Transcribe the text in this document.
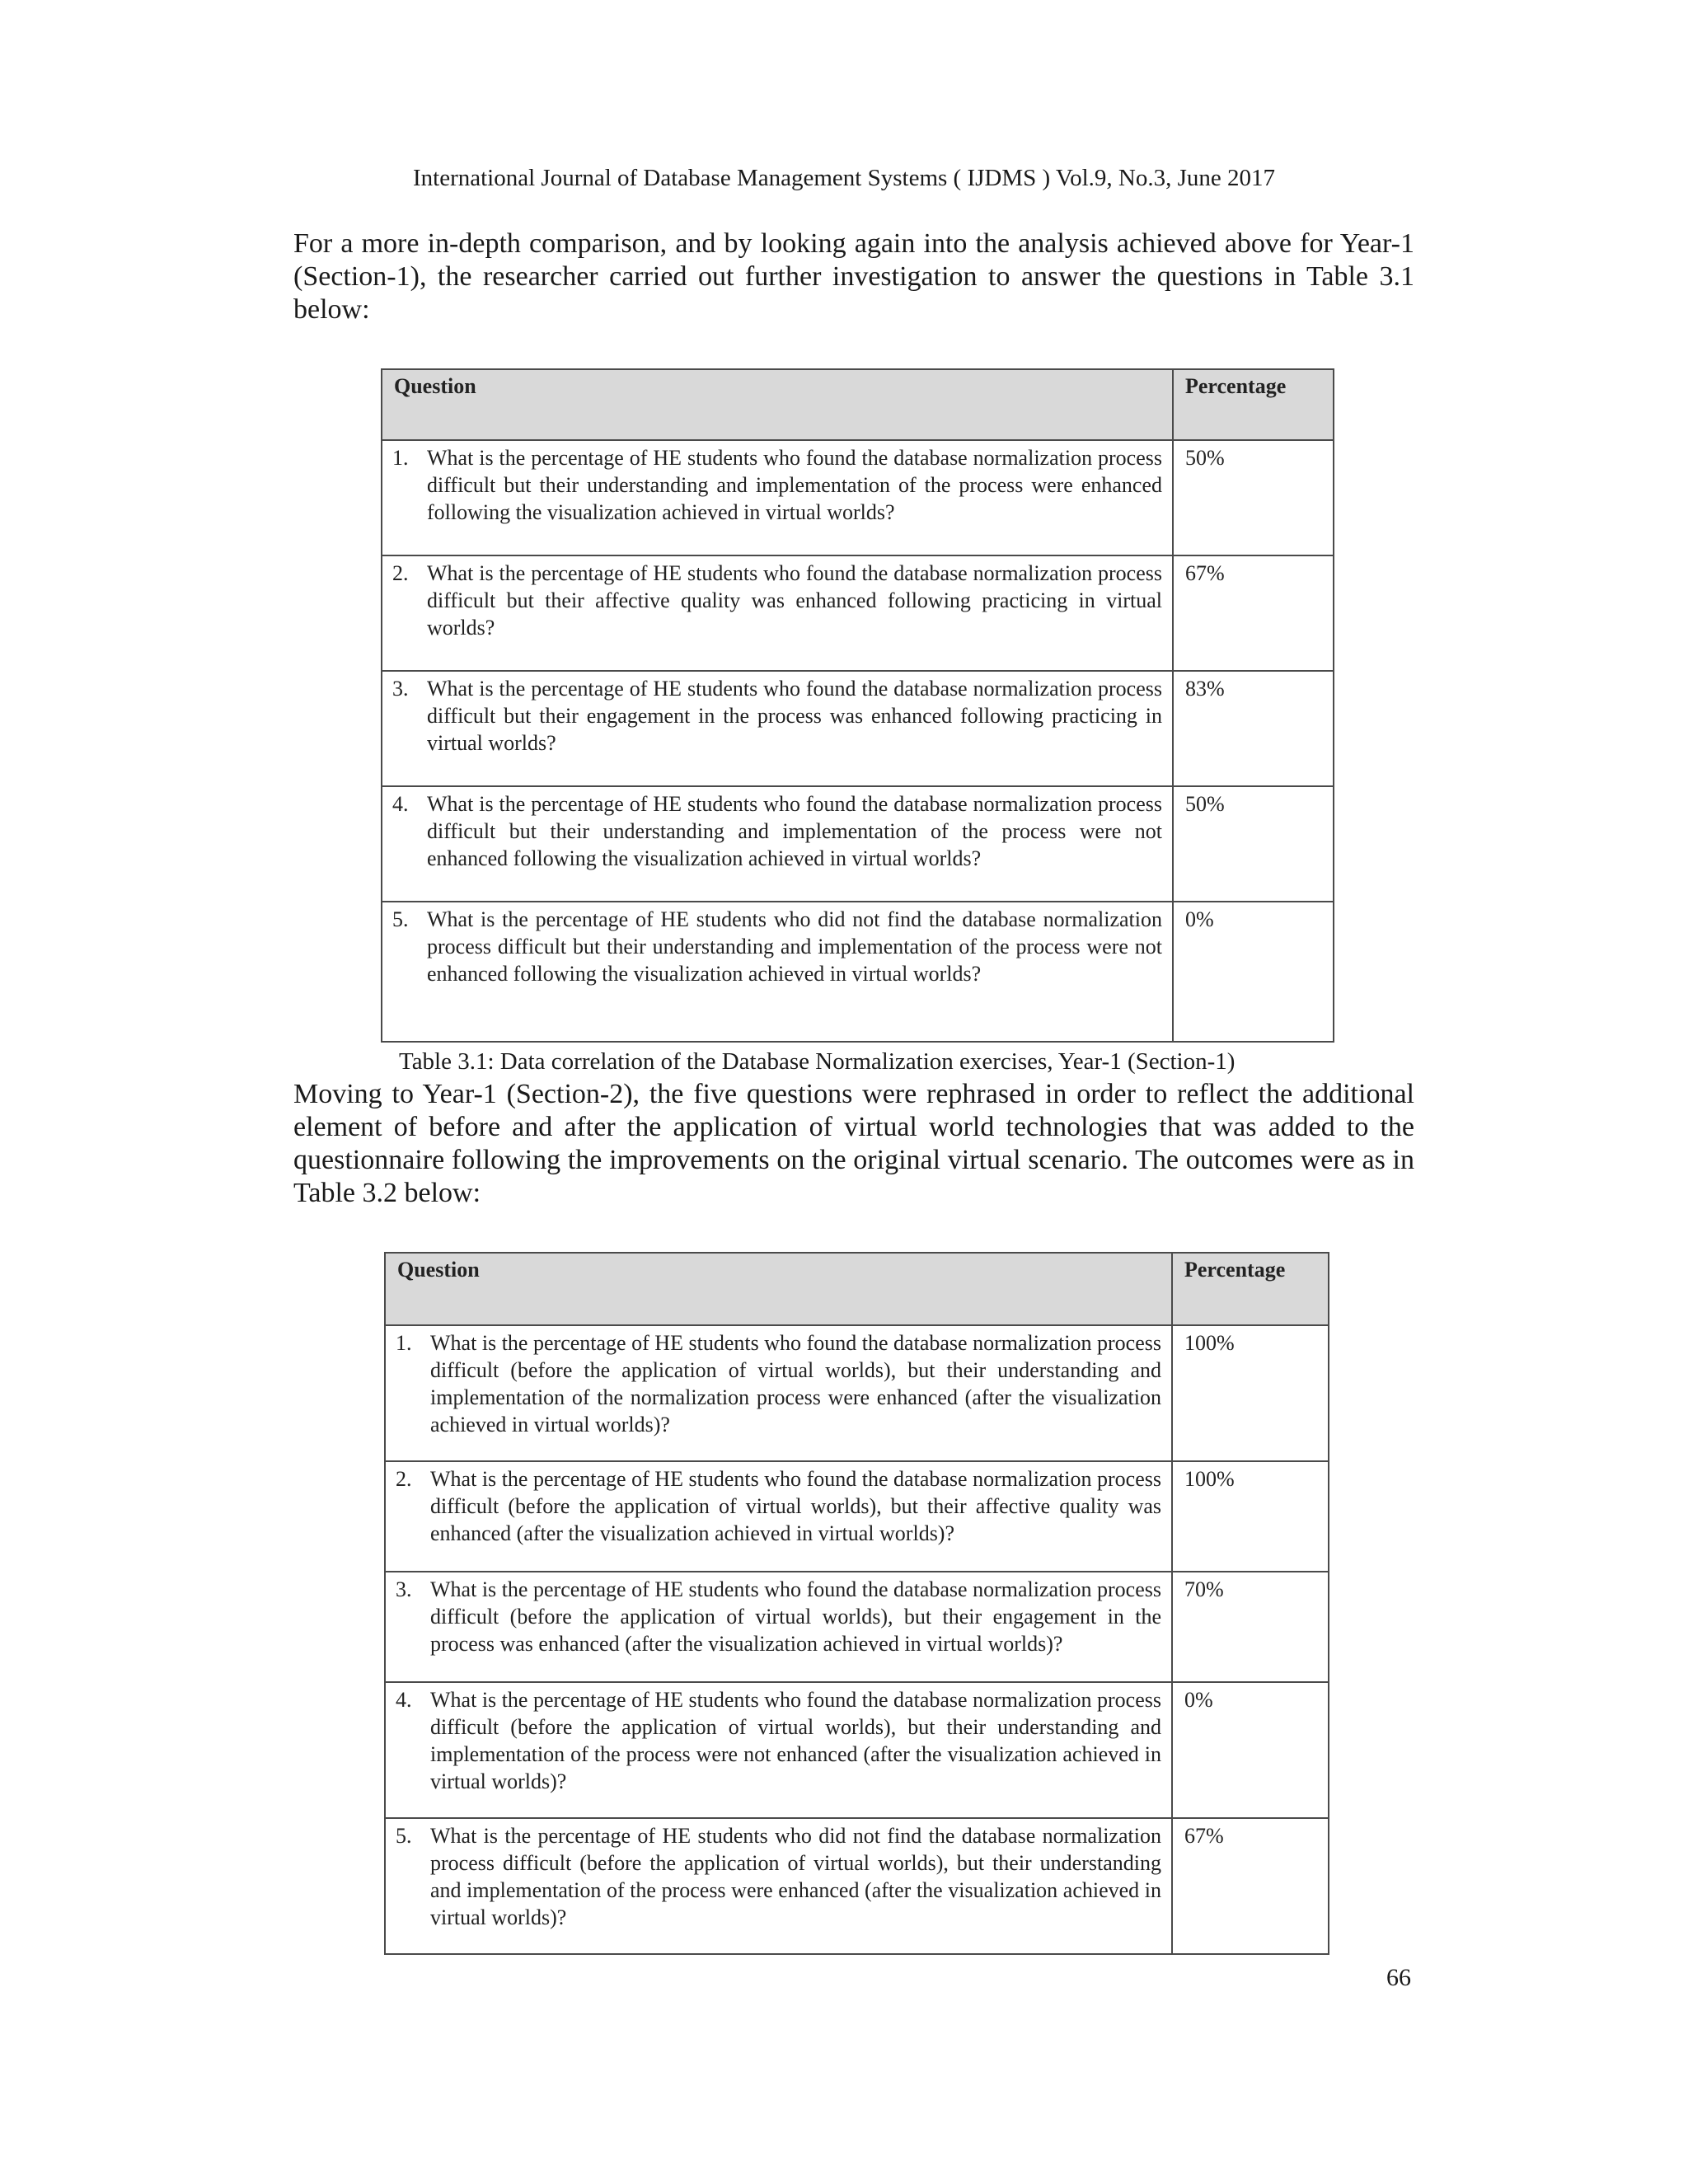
International Journal of Database Management Systems ( IJDMS ) Vol.9, No.3, June 2017

For a more in-depth comparison, and by looking again into the analysis achieved above for Year-1 (Section-1), the researcher carried out further investigation to answer the questions in Table 3.1 below:

Question	Percentage

1. What is the percentage of HE students who found the database normalization process difficult but their understanding and implementation of the process were enhanced following the visualization achieved in virtual worlds?	50%

2. What is the percentage of HE students who found the database normalization process difficult but their affective quality was enhanced following practicing in virtual worlds?	67%

3. What is the percentage of HE students who found the database normalization process difficult but their engagement in the process was enhanced following practicing in virtual worlds?	83%

4. What is the percentage of HE students who found the database normalization process difficult but their understanding and implementation of the process were not enhanced following the visualization achieved in virtual worlds?	50%

5. What is the percentage of HE students who did not find the database normalization process difficult but their understanding and implementation of the process were not enhanced following the visualization achieved in virtual worlds?	0%
Table 3.1: Data correlation of the Database Normalization exercises, Year-1 (Section-1)

Moving to Year-1 (Section-2), the five questions were rephrased in order to reflect the additional element of before and after the application of virtual world technologies that was added to the questionnaire following the improvements on the original virtual scenario. The outcomes were as in Table 3.2 below:

Question	Percentage

1. What is the percentage of HE students who found the database normalization process difficult (before the application of virtual worlds), but their understanding and implementation of the normalization process were enhanced (after the visualization achieved in virtual worlds)?	100%

2. What is the percentage of HE students who found the database normalization process difficult (before the application of virtual worlds), but their affective quality was enhanced (after the visualization achieved in virtual worlds)?	100%

3. What is the percentage of HE students who found the database normalization process difficult (before the application of virtual worlds), but their engagement in the process was enhanced (after the visualization achieved in virtual worlds)?	70%

4. What is the percentage of HE students who found the database normalization process difficult (before the application of virtual worlds), but their understanding and implementation of the process were not enhanced (after the visualization achieved in virtual worlds)?	0%

5. What is the percentage of HE students who did not find the database normalization process difficult (before the application of virtual worlds), but their understanding and implementation of the process were enhanced (after the visualization achieved in virtual worlds)?	67%
66
